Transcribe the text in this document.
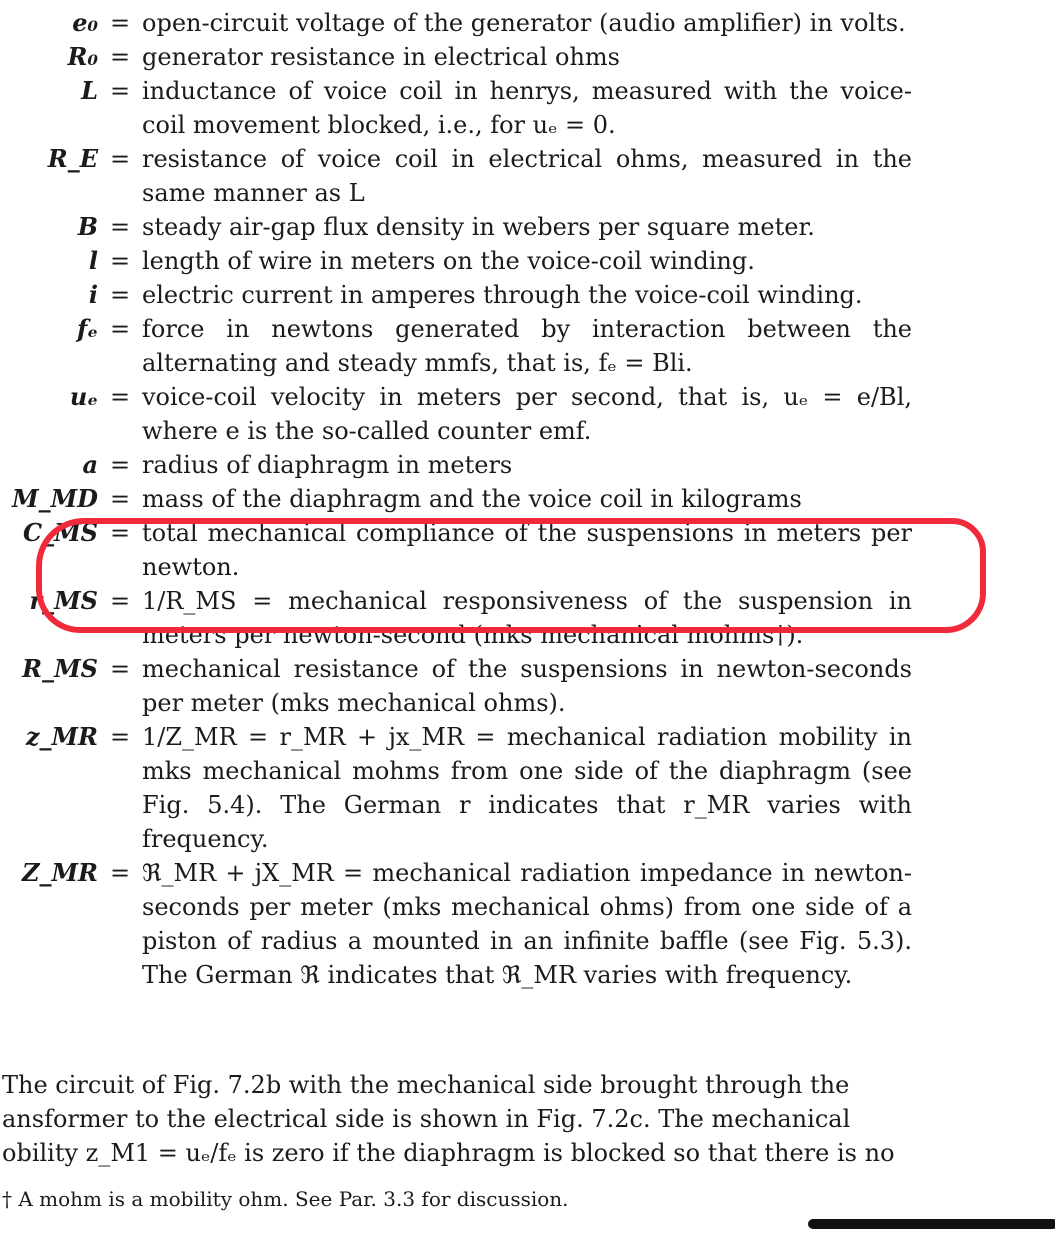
e₀ = open-circuit voltage of the generator (audio amplifier) in volts.
R₀ = generator resistance in electrical ohms
L = inductance of voice coil in henrys, measured with the voice-coil movement blocked, i.e., for uₑ = 0.
R_E = resistance of voice coil in electrical ohms, measured in the same manner as L
B = steady air-gap flux density in webers per square meter.
l = length of wire in meters on the voice-coil winding.
i = electric current in amperes through the voice-coil winding.
fₑ = force in newtons generated by interaction between the alternating and steady mmfs, that is, fₑ = Bli.
uₑ = voice-coil velocity in meters per second, that is, uₑ = e/Bl, where e is the so-called counter emf.
a = radius of diaphragm in meters
M_MD = mass of the diaphragm and the voice coil in kilograms
C_MS = total mechanical compliance of the suspensions in meters per newton.
r_MS = 1/R_MS = mechanical responsiveness of the suspension in meters per newton-second (mks mechanical mohms†).
R_MS = mechanical resistance of the suspensions in newton-seconds per meter (mks mechanical ohms).
z_MR = 1/Z_MR = r_MR + jx_MR = mechanical radiation mobility in mks mechanical mohms from one side of the diaphragm (see Fig. 5.4). The German r indicates that r_MR varies with frequency.
Z_MR = ℜ_MR + jX_MR = mechanical radiation impedance in newton-seconds per meter (mks mechanical ohms) from one side of a piston of radius a mounted in an infinite baffle (see Fig. 5.3). The German ℜ indicates that ℜ_MR varies with frequency.

The circuit of Fig. 7.2b with the mechanical side brought through the

ansformer to the electrical side is shown in Fig. 7.2c. The mechanical

obility z_M1 = uₑ/fₑ is zero if the diaphragm is blocked so that there is no

† A mohm is a mobility ohm. See Par. 3.3 for discussion.
